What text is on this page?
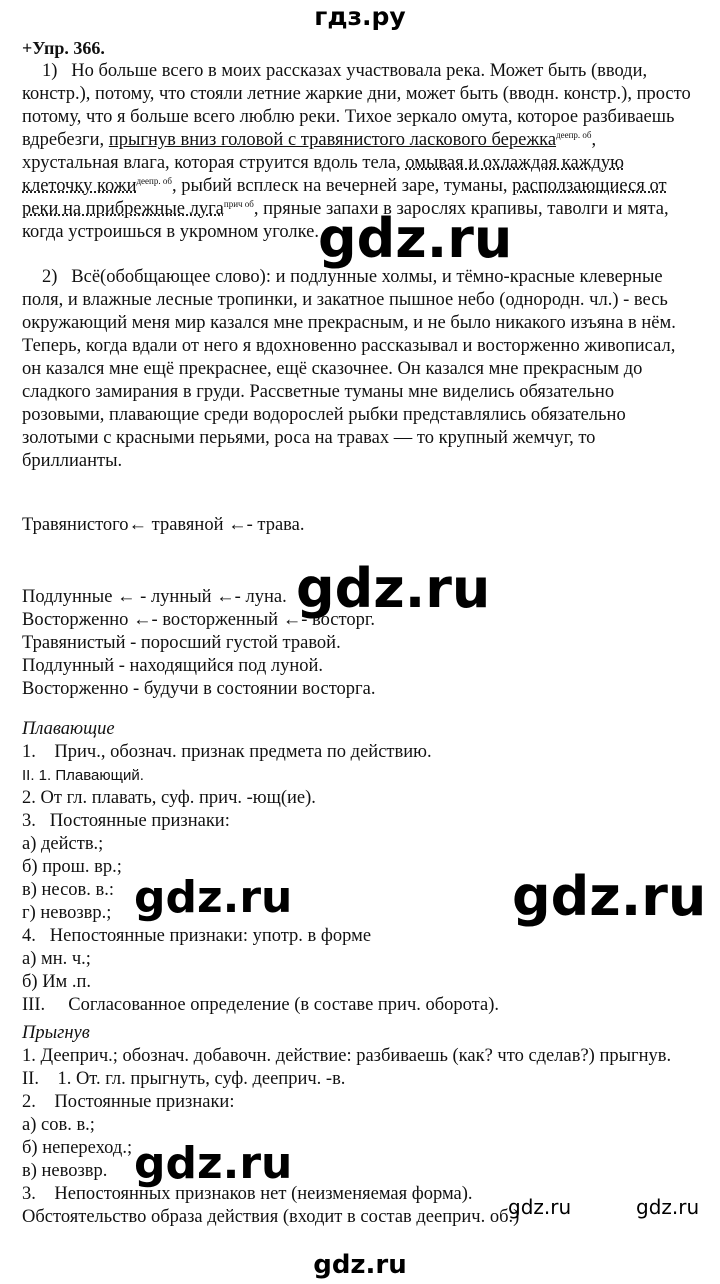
гдз.ру
+Упр. 366.
1)   Но больше всего в моих рассказах участвовала река. Может быть (вводи, констр.), потому, что стояли летние жаркие дни, может быть (вводн. констр.), просто потому, что я больше всего люблю реки. Тихое зеркало омута, которое разбиваешь вдребезги, прыгнув вниз головой с травянистого ласкового бережка$^{деепр. об}$, хрустальная влага, которая струится вдоль тела, омывая и охлаждая каждую клеточку кожи$^{деепр. об}$, рыбий всплеск на вечерней заре, туманы, расползающиеся от реки на прибрежные луга$^{прич об}$, пряные запахи в зарослях крапивы, таволги и мята, когда устроишься в укромном уголке.
2)   Всё(обобщающее слово): и подлунные холмы, и тёмно-красные клеверные поля, и влажные лесные тропинки, и закатное пышное небо (однородн. чл.) - весь окружающий меня мир казался мне прекрасным, и не было никакого изъяна в нём. Теперь, когда вдали от него я вдохновенно рассказывал и восторженно живописал, он казался мне ещё прекраснее, ещё сказочнее. Он казался мне прекрасным до сладкого замирания в груди. Рассветные туманы мне виделись обязательно розовыми, плавающие среди водорослей рыбки представлялись обязательно золотыми с красными перьями, роса на травах — то крупный жемчуг, то бриллианты.
Травянистого← травяной ←- трава.
Подлунные ← - лунный ←- луна.
Восторженно ←- восторженный ←- восторг.
Травянистый - поросший густой травой.
Подлунный - находящийся под луной.
Восторженно - будучи в состоянии восторга.
Плавающие
1.    Прич., обознач. признак предмета по действию.
II. 1. Плавающий.
2. От гл. плавать, суф. прич. -ющ(ие).
3.   Постоянные признаки:
а) действ.;
б) прош. вр.;
в) несов. в.:
г) невозвр.;
4.   Непостоянные признаки: употр. в форме
а) мн. ч.;
б) Им .п.
III.     Согласованное определение (в составе прич. оборота).
Прыгнув
1. Дееприч.; обознач. добавочн. действие: разбиваешь (как? что сделав?) прыгнув.
II.    1. От. гл. прыгнуть, суф. дееприч. -в.
2.    Постоянные признаки:
а) сов. в.;
б) непереход.;
в) невозвр.
3.    Непостоянных признаков нет (неизменяемая форма).
Обстоятельство образа действия (входит в состав дееприч. об.)
gdz.ru
gdz.ru
gdz.ru	gdz.ru
gdz.ru
gdz.ru	gdz.ru
gdz.ru
